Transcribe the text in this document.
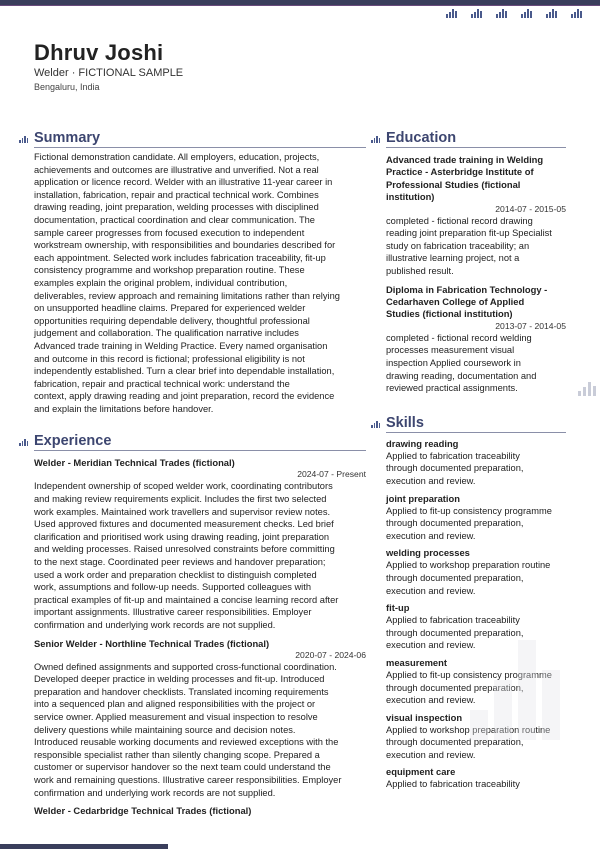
Dhruv Joshi
Welder · FICTIONAL SAMPLE
Bengaluru, India
Summary
Fictional demonstration candidate. All employers, education, projects,
achievements and outcomes are illustrative and unverified. Not a real
application or licence record. Welder with an illustrative 11-year career in
installation, fabrication, repair and practical technical work. Combines
drawing reading, joint preparation, welding processes with disciplined
documentation, practical coordination and clear communication. The
sample career progresses from focused execution to independent
workstream ownership, with responsibilities and boundaries described for
each appointment. Selected work includes fabrication traceability, fit-up
consistency programme and workshop preparation routine. These
examples explain the original problem, individual contribution,
deliverables, review approach and remaining limitations rather than relying
on unsupported headline claims. Prepared for experienced welder
opportunities requiring dependable delivery, thoughtful professional
judgement and collaboration. The qualification narrative includes
Advanced trade training in Welding Practice. Every named organisation
and outcome in this record is fictional; professional eligibility is not
independently established. Turn a clear brief into dependable installation,
fabrication, repair and practical technical work: understand the
context, apply drawing reading and joint preparation, record the evidence
and explain the limitations before handover.
Experience
Welder - Meridian Technical Trades (fictional)
2024-07 - Present
Independent ownership of scoped welder work, coordinating contributors
and making review requirements explicit. Includes the first two selected
work examples. Maintained work travellers and supervisor review notes.
Used approved fixtures and documented measurement checks. Led brief
clarification and prioritised work using drawing reading, joint preparation
and welding processes. Raised unresolved constraints before committing
to the next stage. Coordinated peer reviews and handover preparation;
used a work order and preparation checklist to distinguish completed
work, assumptions and follow-up needs. Supported colleagues with
practical examples of fit-up and maintained a concise learning record after
important assignments. Illustrative career responsibilities. Employer
confirmation and underlying work records are not supplied.
Senior Welder - Northline Technical Trades (fictional)
2020-07 - 2024-06
Owned defined assignments and supported cross-functional coordination.
Developed deeper practice in welding processes and fit-up. Introduced
preparation and handover checklists. Translated incoming requirements
into a sequenced plan and aligned responsibilities with the project or
service owner. Applied measurement and visual inspection to resolve
delivery questions while maintaining source and decision notes.
Introduced reusable working documents and reviewed exceptions with the
responsible specialist rather than silently changing scope. Prepared a
customer or supervisor handover so the next team could understand the
work and remaining questions. Illustrative career responsibilities. Employer
confirmation and underlying work records are not supplied.
Welder - Cedarbridge Technical Trades (fictional)
Education
Advanced trade training in Welding
Practice - Asterbridge Institute of
Professional Studies (fictional
institution)
2014-07 - 2015-05
completed - fictional record drawing
reading joint preparation fit-up Specialist
study on fabrication traceability; an
illustrative learning project, not a
published result.
Diploma in Fabrication Technology -
Cedarhaven College of Applied
Studies (fictional institution)
2013-07 - 2014-05
completed - fictional record welding
processes measurement visual
inspection Applied coursework in
drawing reading, documentation and
reviewed practical assignments.
Skills
drawing reading
Applied to fabrication traceability
through documented preparation,
execution and review.
joint preparation
Applied to fit-up consistency programme
through documented preparation,
execution and review.
welding processes
Applied to workshop preparation routine
through documented preparation,
execution and review.
fit-up
Applied to fabrication traceability
through documented preparation,
execution and review.
measurement
Applied to fit-up consistency programme
through documented preparation,
execution and review.
visual inspection
Applied to workshop preparation routine
through documented preparation,
execution and review.
equipment care
Applied to fabrication traceability
